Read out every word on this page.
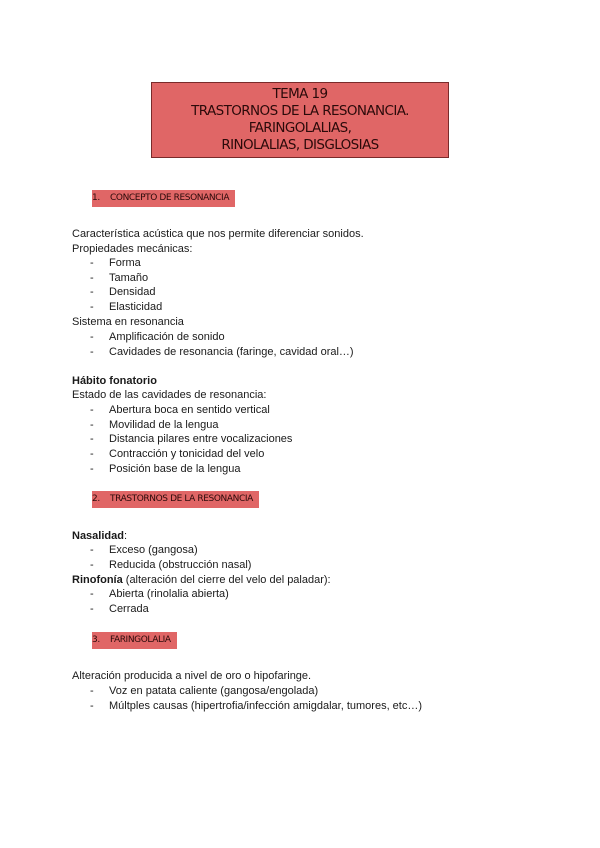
TEMA 19
TRASTORNOS DE LA RESONANCIA. FARINGOLALIAS,
RINOLALIAS, DISGLOSIAS
1. CONCEPTO DE RESONANCIA
Característica acústica que nos permite diferenciar sonidos.
Propiedades mecánicas:
- Forma
- Tamaño
- Densidad
- Elasticidad
Sistema en resonancia
- Amplificación de sonido
- Cavidades de resonancia (faringe, cavidad oral…)
Hábito fonatorio
Estado de las cavidades de resonancia:
- Abertura boca en sentido vertical
- Movilidad de la lengua
- Distancia pilares entre vocalizaciones
- Contracción y tonicidad del velo
- Posición base de la lengua
2. TRASTORNOS DE LA RESONANCIA
Nasalidad:
- Exceso (gangosa)
- Reducida (obstrucción nasal)
Rinofonía (alteración del cierre del velo del paladar):
- Abierta (rinolalia abierta)
- Cerrada
3. FARINGOLALIA
Alteración producida a nivel de oro o hipofaringe.
- Voz en patata caliente (gangosa/engolada)
- Múltples causas (hipertrofia/infección amigdalar, tumores, etc…)
